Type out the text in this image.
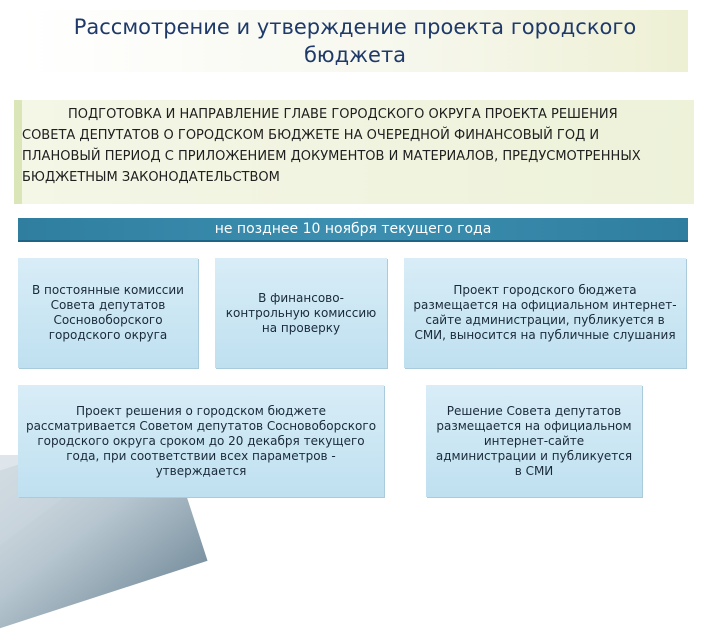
Рассмотрение и утверждение проекта городского бюджета
ПОДГОТОВКА И НАПРАВЛЕНИЕ ГЛАВЕ ГОРОДСКОГО ОКРУГА ПРОЕКТА РЕШЕНИЯ СОВЕТА ДЕПУТАТОВ О ГОРОДСКОМ БЮДЖЕТЕ НА ОЧЕРЕДНОЙ ФИНАНСОВЫЙ ГОД И ПЛАНОВЫЙ ПЕРИОД С ПРИЛОЖЕНИЕМ ДОКУМЕНТОВ И МАТЕРИАЛОВ, ПРЕДУСМОТРЕННЫХ БЮДЖЕТНЫМ ЗАКОНОДАТЕЛЬСТВОМ
не позднее 10 ноября текущего года
В постоянные комиссии Совета депутатов Сосновоборского городского округа
В финансово-контрольную комиссию на проверку
Проект городского бюджета размещается на официальном интернет-сайте администрации, публикуется в СМИ, выносится на публичные слушания
Проект решения о городском бюджете рассматривается Советом депутатов Сосновоборского городского округа сроком до 20 декабря текущего года, при соответствии всех параметров - утверждается
Решение Совета депутатов размещается на официальном интернет-сайте администрации и публикуется в СМИ
